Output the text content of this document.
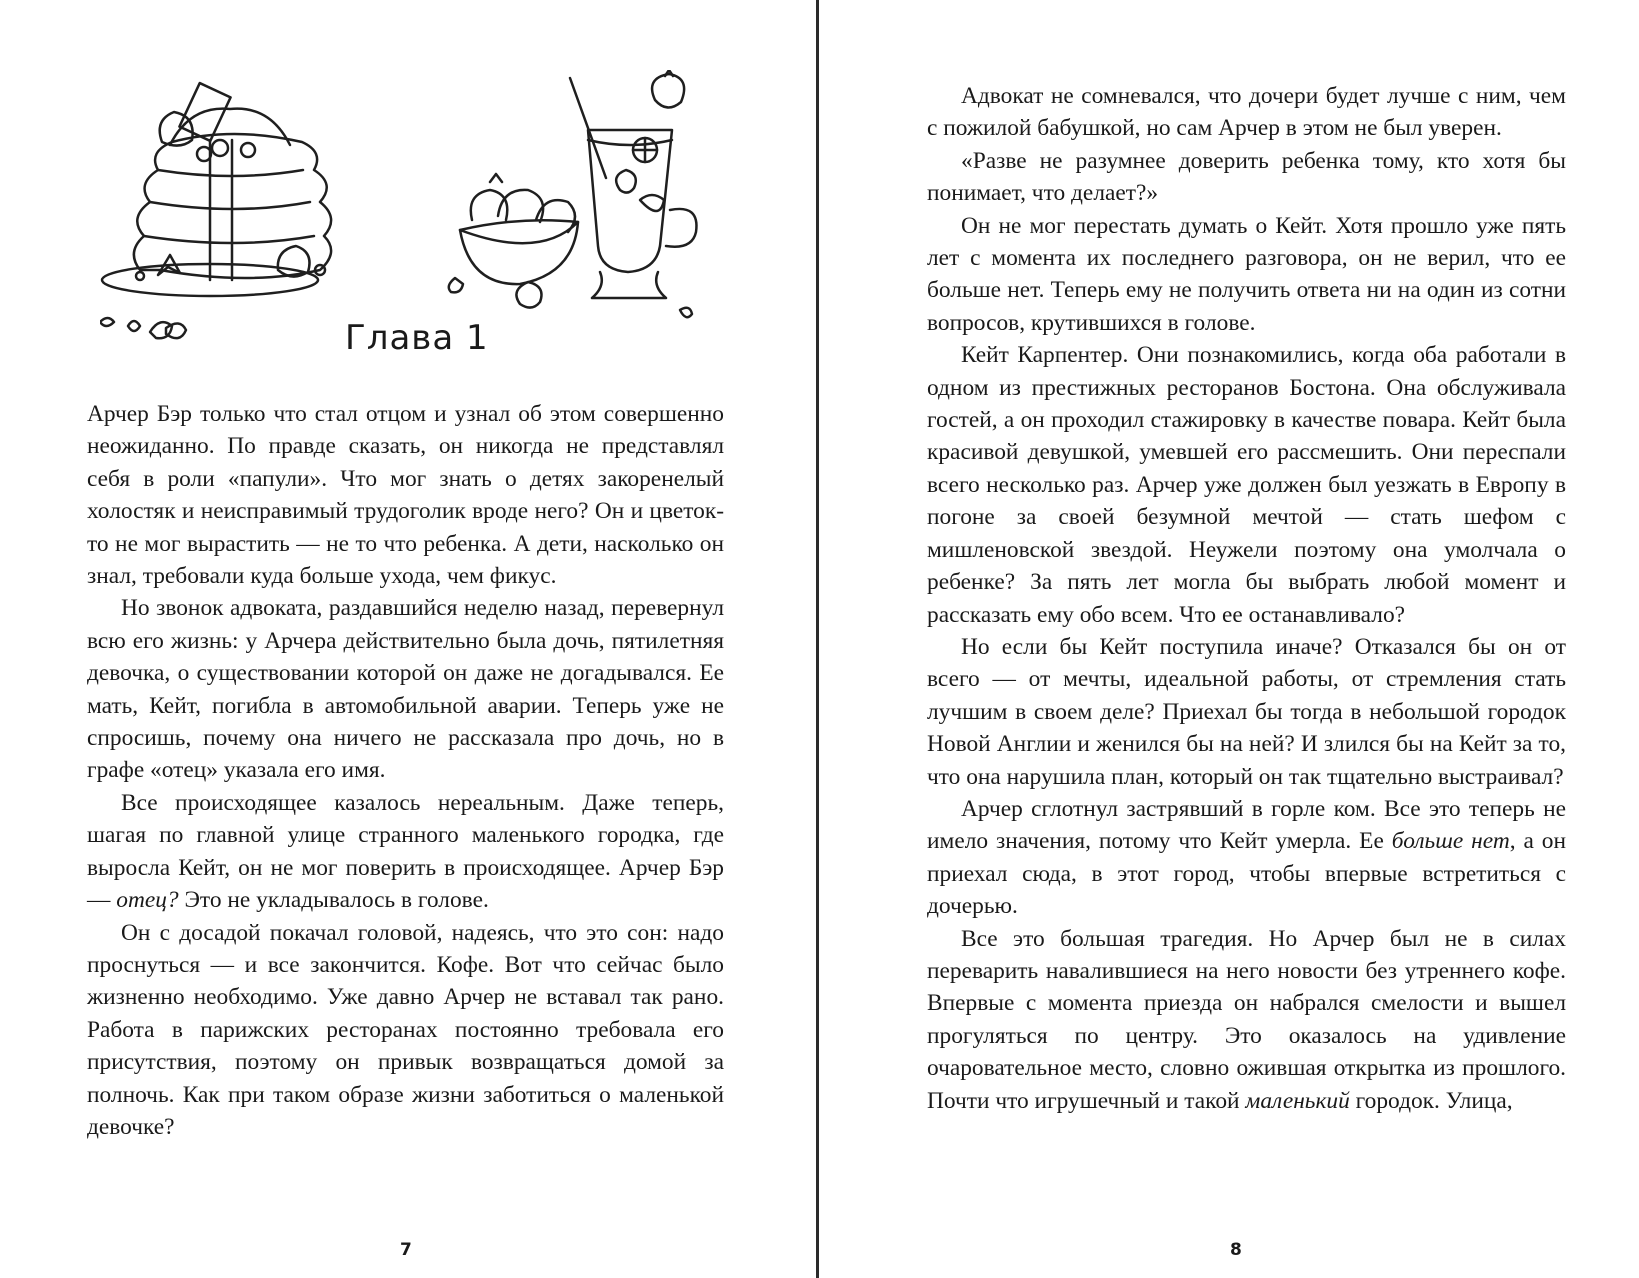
Глава 1

Арчер Бэр только что стал отцом и узнал об этом совершенно неожиданно. По правде сказать, он никогда не представлял себя в роли «папули». Что мог знать о детях закоренелый холостяк и неисправимый трудоголик вроде него? Он и цветок-то не мог вырастить — не то что ребенка. А дети, насколько он знал, требовали куда больше ухода, чем фикус.

Но звонок адвоката, раздавшийся неделю назад, перевернул всю его жизнь: у Арчера действительно была дочь, пятилетняя девочка, о существовании которой он даже не догадывался. Ее мать, Кейт, погибла в автомобильной аварии. Теперь уже не спросишь, почему она ничего не рассказала про дочь, но в графе «отец» указала его имя.

Все происходящее казалось нереальным. Даже теперь, шагая по главной улице странного маленького городка, где выросла Кейт, он не мог поверить в происходящее. Арчер Бэр — отец? Это не укладывалось в голове.

Он с досадой покачал головой, надеясь, что это сон: надо проснуться — и все закончится. Кофе. Вот что сейчас было жизненно необходимо. Уже давно Арчер не вставал так рано. Работа в парижских ресторанах постоянно требовала его присутствия, поэтому он привык возвращаться домой за полночь. Как при таком образе жизни заботиться о маленькой девочке?

7

Адвокат не сомневался, что дочери будет лучше с ним, чем с пожилой бабушкой, но сам Арчер в этом не был уверен.

«Разве не разумнее доверить ребенка тому, кто хотя бы понимает, что делает?»

Он не мог перестать думать о Кейт. Хотя прошло уже пять лет с момента их последнего разговора, он не верил, что ее больше нет. Теперь ему не получить ответа ни на один из сотни вопросов, крутившихся в голове.

Кейт Карпентер. Они познакомились, когда оба работали в одном из престижных ресторанов Бостона. Она обслуживала гостей, а он проходил стажировку в качестве повара. Кейт была красивой девушкой, умевшей его рассмешить. Они переспали всего несколько раз. Арчер уже должен был уезжать в Европу в погоне за своей безумной мечтой — стать шефом с мишленовской звездой. Неужели поэтому она умолчала о ребенке? За пять лет могла бы выбрать любой момент и рассказать ему обо всем. Что ее останавливало?

Но если бы Кейт поступила иначе? Отказался бы он от всего — от мечты, идеальной работы, от стремления стать лучшим в своем деле? Приехал бы тогда в небольшой городок Новой Англии и женился бы на ней? И злился бы на Кейт за то, что она нарушила план, который он так тщательно выстраивал?

Арчер сглотнул застрявший в горле ком. Все это теперь не имело значения, потому что Кейт умерла. Ее больше нет, а он приехал сюда, в этот город, чтобы впервые встретиться с дочерью.

Все это большая трагедия. Но Арчер был не в силах переварить навалившиеся на него новости без утреннего кофе. Впервые с момента приезда он набрался смелости и вышел прогуляться по центру. Это оказалось на удивление очаровательное место, словно ожившая открытка из прошлого. Почти что игрушечный и такой маленький городок. Улица,

8
